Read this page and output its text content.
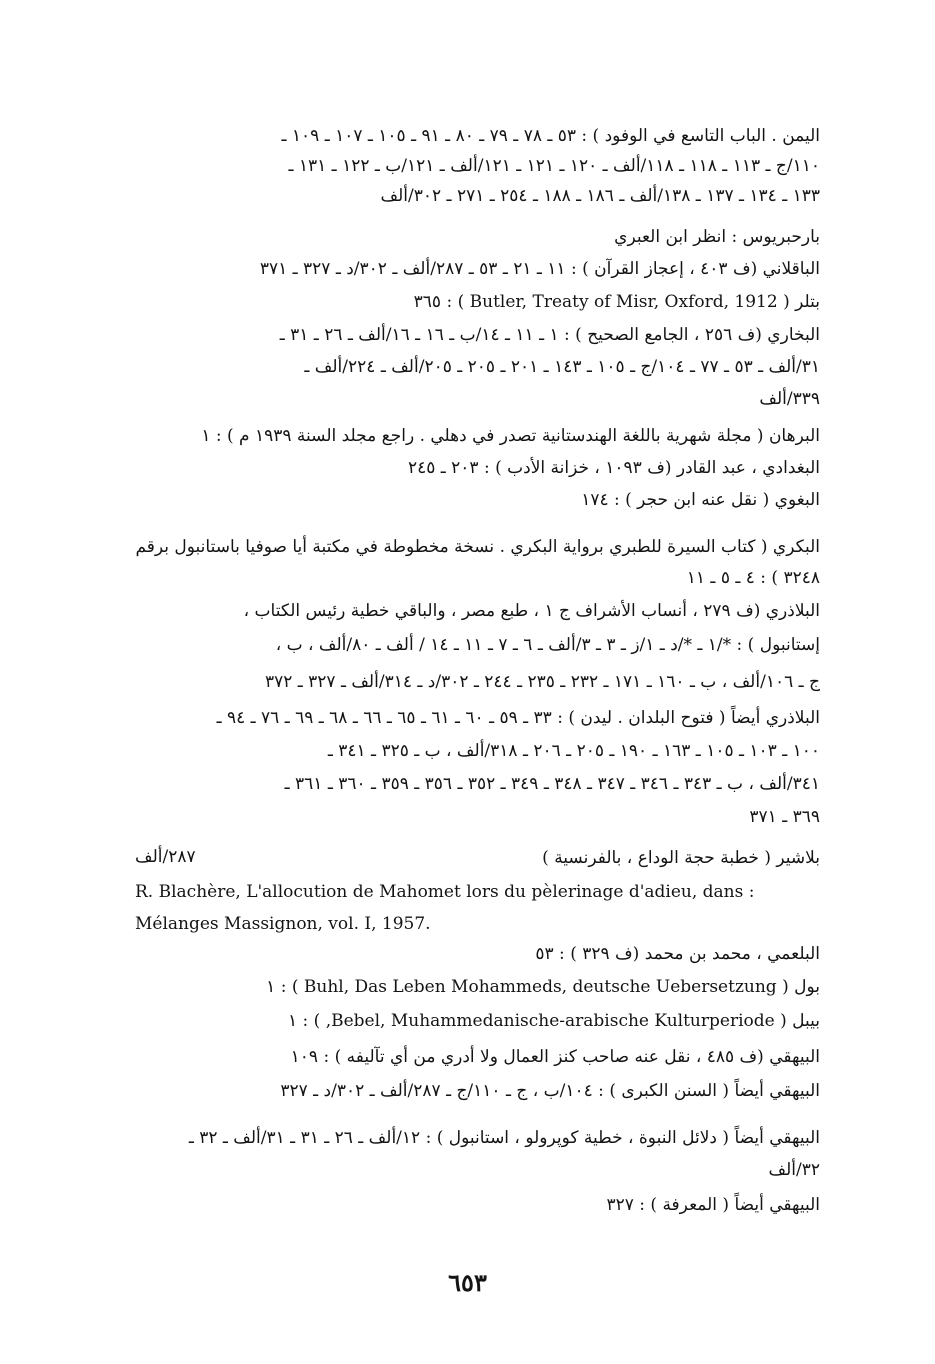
اليمن . الباب التاسع في الوفود ) : ٥٣ ـ ٧٨ ـ ٧٩ ـ ٨٠ ـ ٩١ ـ ١٠٥ ـ ١٠٧ ـ ١٠٩ ـ
١١٠/ج ـ ١١٣ ـ ١١٨ ـ ١١٨/ألف ـ ١٢٠ ـ ١٢١ ـ ١٢١/ألف ـ ١٢١/ب ـ ١٢٢ ـ ١٣١ ـ
١٣٣ ـ ١٣٤ ـ ١٣٧ ـ ١٣٨/ألف ـ ١٨٦ ـ ١٨٨ ـ ٢٥٤ ـ ٢٧١ ـ ٣٠٢/ألف
بارحبريوس : انظر ابن العبري
الباقلاني (ف ٤٠٣ ، إعجاز القرآن ) : ١١ ـ ٢١ ـ ٥٣ ـ ٢٨٧/ألف ـ ٣٠٢/د ـ ٣٢٧ ـ ٣٧١
بتلر ( Butler, Treaty of Misr, Oxford, 1912 ) : ٣٦٥
البخاري (ف ٢٥٦ ، الجامع الصحيح ) : ١ ـ ١١ ـ ١٤/ب ـ ١٦ ـ ١٦/ألف ـ ٢٦ ـ ٣١ ـ
٣١/ألف ـ ٥٣ ـ ٧٧ ـ ١٠٤/ج ـ ١٠٥ ـ ١٤٣ ـ ٢٠١ ـ ٢٠٥ ـ ٢٠٥/ألف ـ ٢٢٤/ألف ـ
٣٣٩/ألف
البرهان ( مجلة شهرية باللغة الهندستانية تصدر في دهلي . راجع مجلد السنة ١٩٣٩ م ) : ١
البغدادي ، عبد القادر (ف ١٠٩٣ ، خزانة الأدب ) : ٢٠٣ ـ ٢٤٥
البغوي ( نقل عنه ابن حجر ) : ١٧٤
البكري ( كتاب السيرة للطبري برواية البكري . نسخة مخطوطة في مكتبة أيا صوفيا باستانبول برقم
٣٢٤٨ ) : ٤ ـ ٥ ـ ١١
البلاذري (ف ٢٧٩ ، أنساب الأشراف ج ١ ، طبع مصر ، والباقي خطية رئيس الكتاب ،
إستانبول ) : */١ ـ */د ـ ١/ز ـ ٣ ـ ٣/ألف ـ ٦ ـ ٧ ـ ١١ ـ ١٤ / ألف ـ ٨٠/ألف ، ب ،
ج ـ ١٠٦/ألف ، ب ـ ١٦٠ ـ ١٧١ ـ ٢٣٢ ـ ٢٣٥ ـ ٢٤٤ ـ ٣٠٢/د ـ ٣١٤/ألف ـ ٣٢٧ ـ ٣٧٢
البلاذري أيضاً ( فتوح البلدان . ليدن ) : ٣٣ ـ ٥٩ ـ ٦٠ ـ ٦١ ـ ٦٥ ـ ٦٦ ـ ٦٨ ـ ٦٩ ـ ٧٦ ـ ٩٤ ـ
١٠٠ ـ ١٠٣ ـ ١٠٥ ـ ١٦٣ ـ ١٩٠ ـ ٢٠٥ ـ ٢٠٦ ـ ٣١٨/ألف ، ب ـ ٣٢٥ ـ ٣٤١ ـ
٣٤١/ألف ، ب ـ ٣٤٣ ـ ٣٤٦ ـ ٣٤٧ ـ ٣٤٨ ـ ٣٤٩ ـ ٣٥٢ ـ ٣٥٦ ـ ٣٥٩ ـ ٣٦٠ ـ ٣٦١ ـ
٣٦٩ ـ ٣٧١
بلاشير ( خطبة حجة الوداع ، بالفرنسية )
٢٨٧/ألف
R. Blachère, L'allocution de Mahomet lors du pèlerinage d'adieu, dans :
Mélanges Massignon, vol. I, 1957.
البلعمي ، محمد بن محمد (ف ٣٢٩ ) : ٥٣
بول ( Buhl, Das Leben Mohammeds, deutsche Uebersetzung ) : ١
بيبل ( Bebel, Muhammedanische-arabische Kulturperiode, ) : ١
البيهقي (ف ٤٨٥ ، نقل عنه صاحب كنز العمال ولا أدري من أي تآليفه ) : ١٠٩
البيهقي أيضاً ( السنن الكبرى ) : ١٠٤/ب ، ج ـ ١١٠/ج ـ ٢٨٧/ألف ـ ٣٠٢/د ـ ٣٢٧
البيهقي أيضاً ( دلائل النبوة ، خطية كوپرولو ، استانبول ) : ١٢/ألف ـ ٢٦ ـ ٣١ ـ ٣١/ألف ـ ٣٢ ـ
٣٢/ألف
البيهقي أيضاً ( المعرفة ) : ٣٢٧
٦٥٣
